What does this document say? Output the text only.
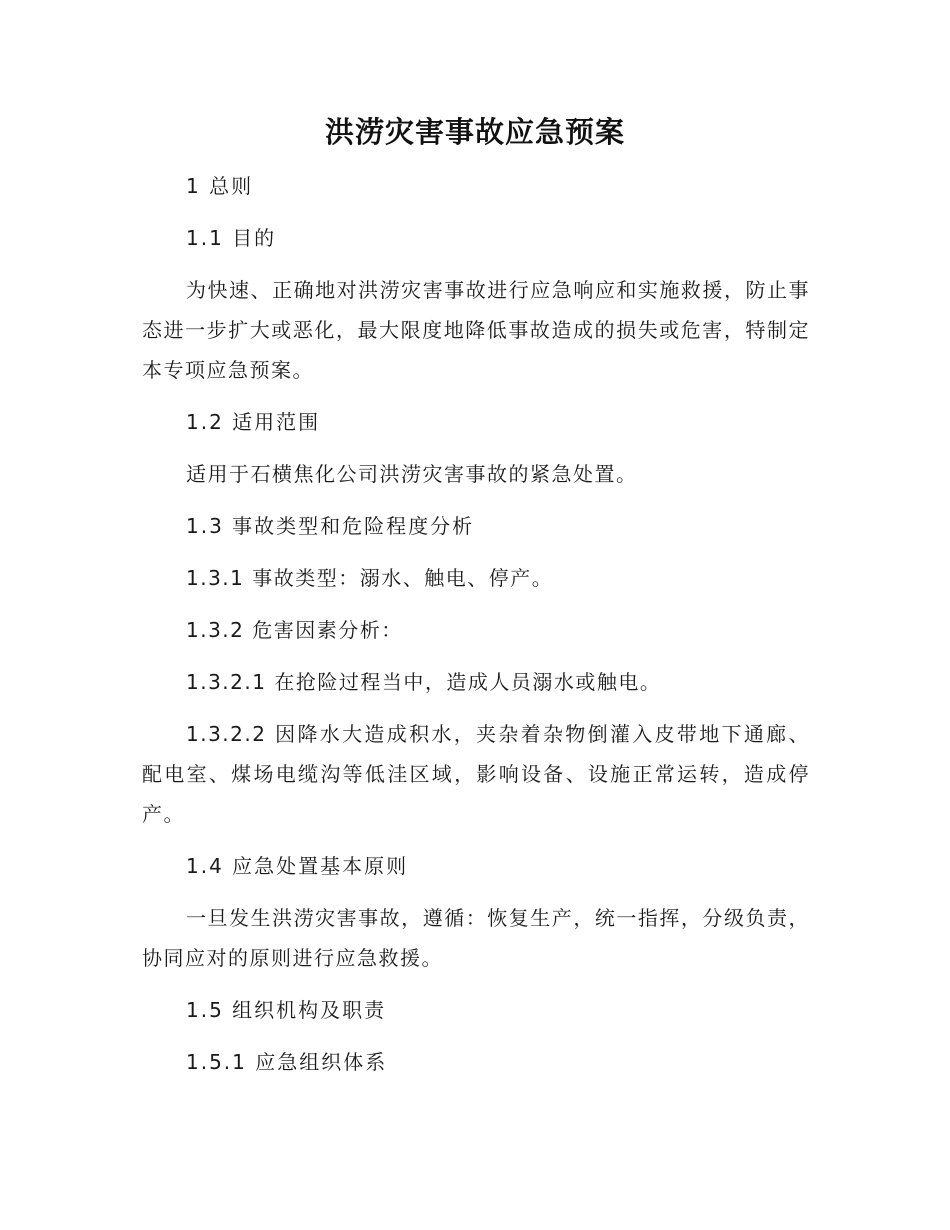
洪涝灾害事故应急预案

1 总则

1.1 目的

为快速、正确地对洪涝灾害事故进行应急响应和实施救援，防止事态进一步扩大或恶化，最大限度地降低事故造成的损失或危害，特制定本专项应急预案。

1.2 适用范围

适用于石横焦化公司洪涝灾害事故的紧急处置。

1.3 事故类型和危险程度分析

1.3.1 事故类型：溺水、触电、停产。

1.3.2 危害因素分析：

1.3.2.1 在抢险过程当中，造成人员溺水或触电。

1.3.2.2 因降水大造成积水，夹杂着杂物倒灌入皮带地下通廊、配电室、煤场电缆沟等低洼区域，影响设备、设施正常运转，造成停产。

1.4 应急处置基本原则

一旦发生洪涝灾害事故，遵循：恢复生产，统一指挥，分级负责，协同应对的原则进行应急救援。

1.5 组织机构及职责

1.5.1 应急组织体系
